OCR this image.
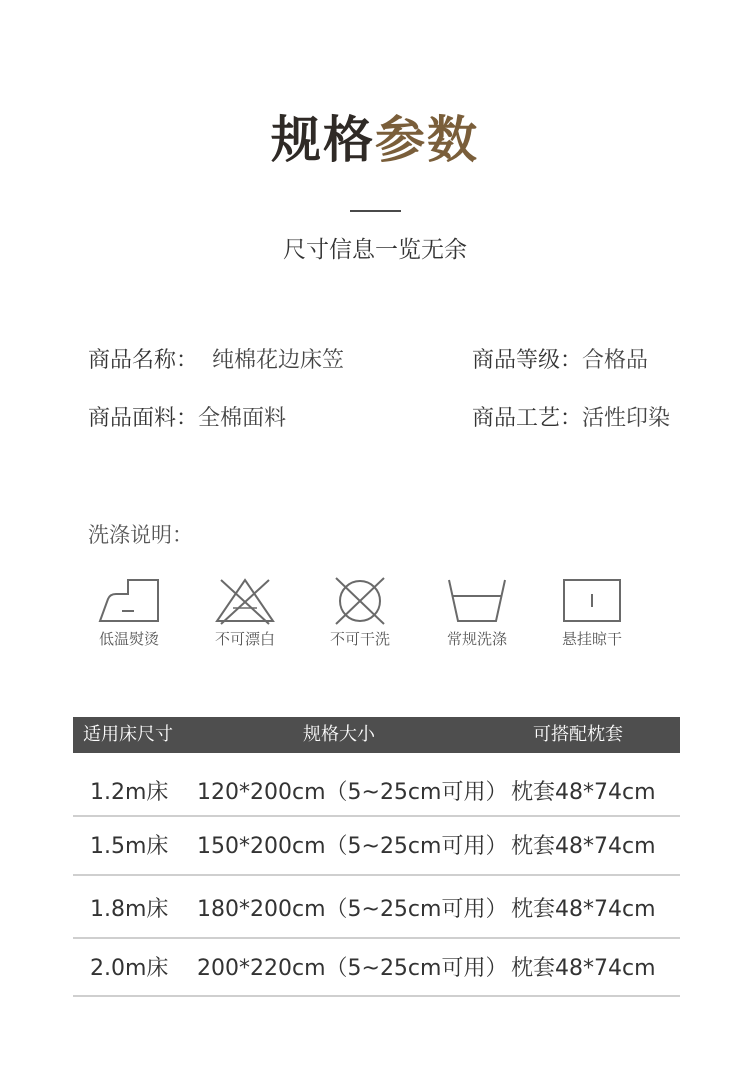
规格参数
尺寸信息一览无余
商品名称： 纯棉花边床笠	商品等级：合格品
商品面料：全棉面料	商品工艺：活性印染
洗涤说明：
低温熨烫	不可漂白	不可干洗	常规洗涤	悬挂晾干
适用床尺寸	规格大小	可搭配枕套
1.2m床 120*200cm（5~25cm可用） 枕套48*74cm
1.5m床 150*200cm（5~25cm可用） 枕套48*74cm
1.8m床 180*200cm（5~25cm可用） 枕套48*74cm
2.0m床 200*220cm（5~25cm可用） 枕套48*74cm
